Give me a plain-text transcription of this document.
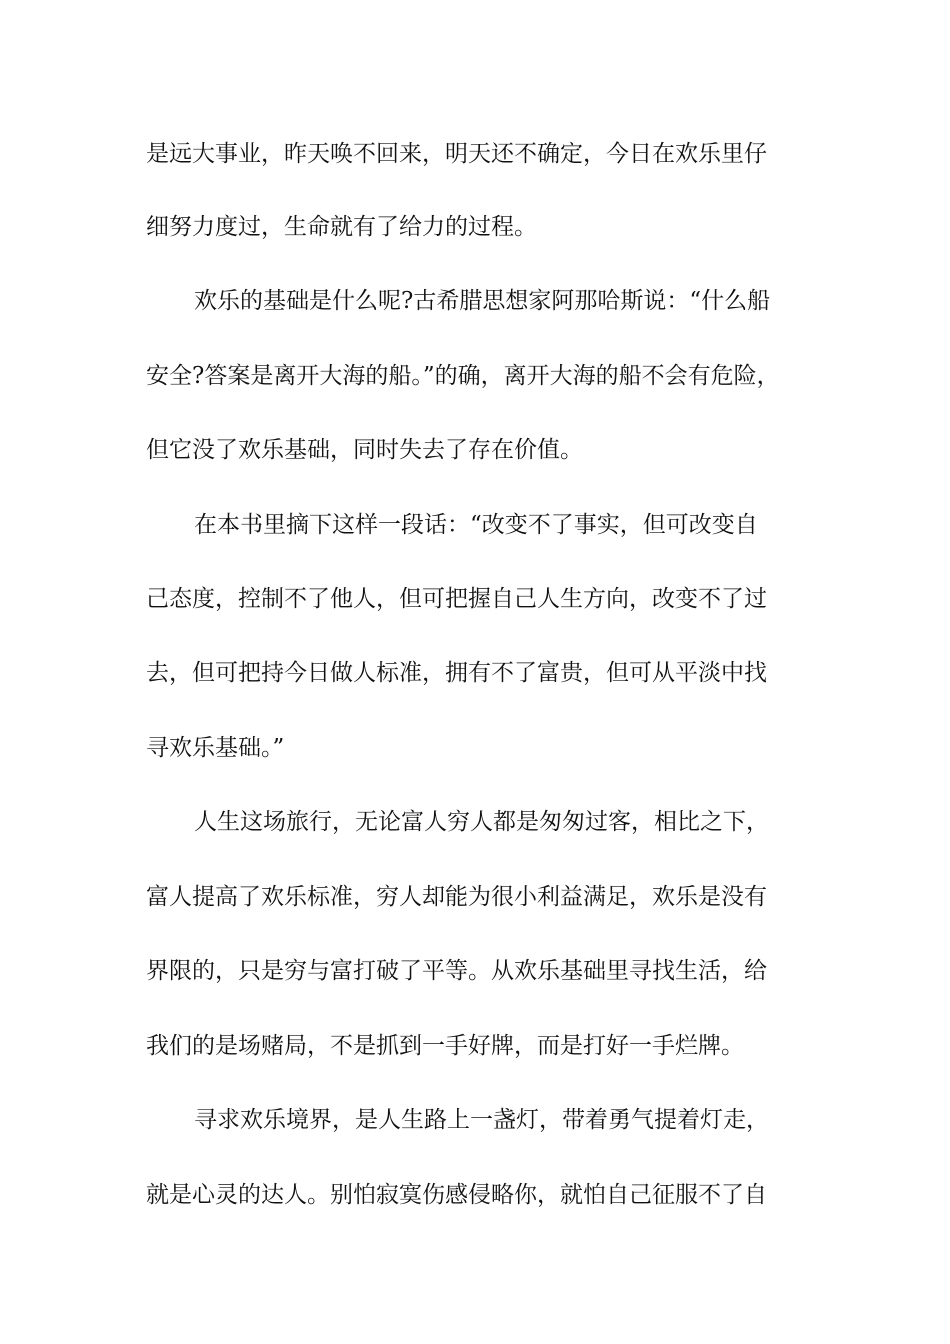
是远大事业，昨天唤不回来，明天还不确定，今日在欢乐里仔
细努力度过，生命就有了给力的过程。
欢乐的基础是什么呢?古希腊思想家阿那哈斯说：“什么船
安全?答案是离开大海的船。”的确，离开大海的船不会有危险，
但它没了欢乐基础，同时失去了存在价值。
在本书里摘下这样一段话：“改变不了事实，但可改变自
己态度，控制不了他人，但可把握自己人生方向，改变不了过
去，但可把持今日做人标准，拥有不了富贵，但可从平淡中找
寻欢乐基础。”
人生这场旅行，无论富人穷人都是匆匆过客，相比之下，
富人提高了欢乐标准，穷人却能为很小利益满足，欢乐是没有
界限的，只是穷与富打破了平等。从欢乐基础里寻找生活，给
我们的是场赌局，不是抓到一手好牌，而是打好一手烂牌。
寻求欢乐境界，是人生路上一盏灯，带着勇气提着灯走，
就是心灵的达人。别怕寂寞伤感侵略你，就怕自己征服不了自
